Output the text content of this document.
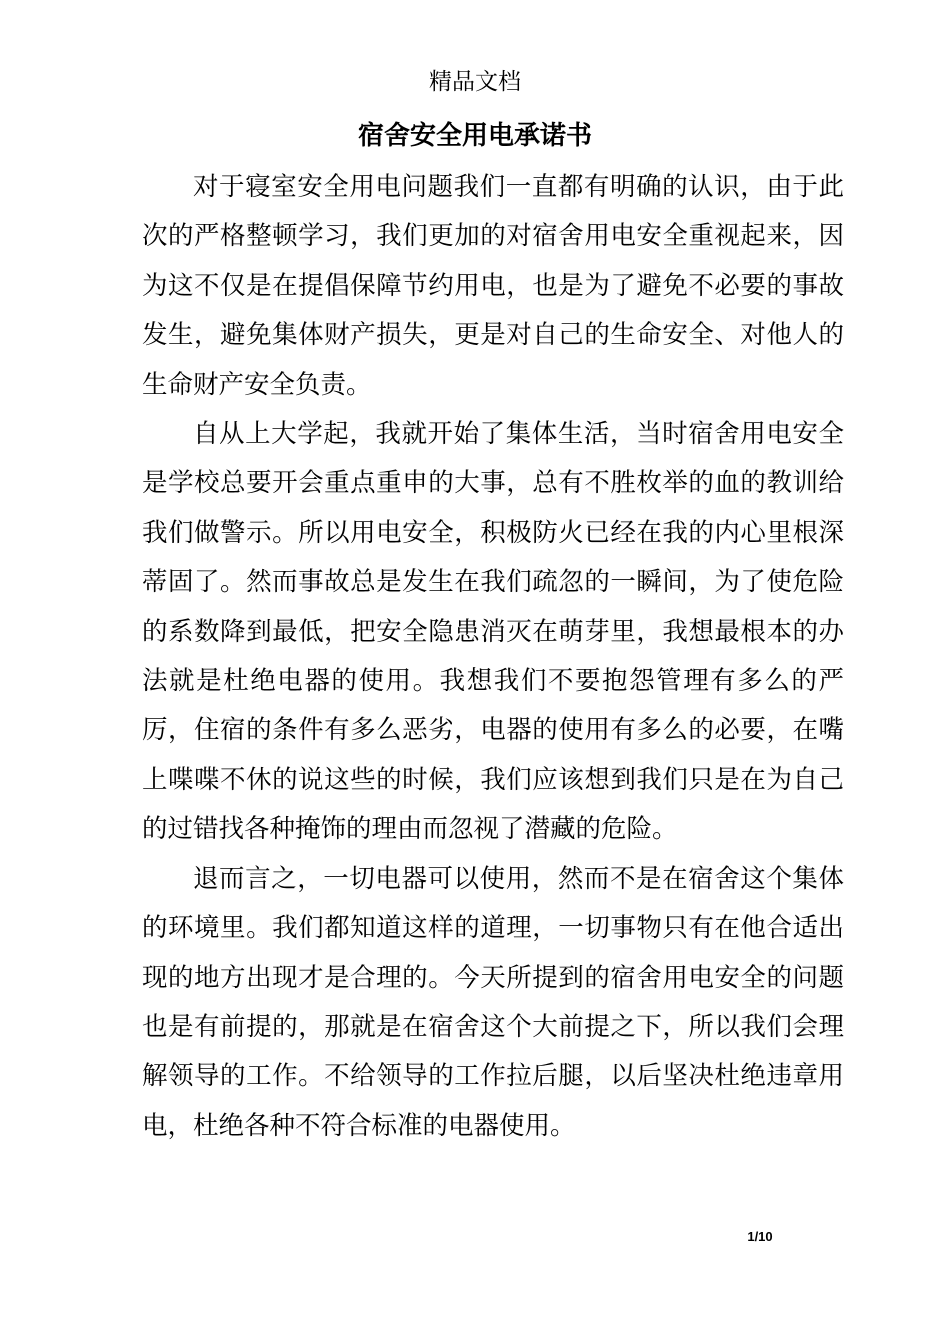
精品文档
宿舍安全用电承诺书

对于寝室安全用电问题我们一直都有明确的认识，由于此次的严格整顿学习，我们更加的对宿舍用电安全重视起来，因为这不仅是在提倡保障节约用电，也是为了避免不必要的事故发生，避免集体财产损失，更是对自己的生命安全、对他人的生命财产安全负责。

自从上大学起，我就开始了集体生活，当时宿舍用电安全是学校总要开会重点重申的大事，总有不胜枚举的血的教训给我们做警示。所以用电安全，积极防火已经在我的内心里根深蒂固了。然而事故总是发生在我们疏忽的一瞬间，为了使危险的系数降到最低，把安全隐患消灭在萌芽里，我想最根本的办法就是杜绝电器的使用。我想我们不要抱怨管理有多么的严厉，住宿的条件有多么恶劣，电器的使用有多么的必要，在嘴上喋喋不休的说这些的时候，我们应该想到我们只是在为自己的过错找各种掩饰的理由而忽视了潜藏的危险。

退而言之，一切电器可以使用，然而不是在宿舍这个集体的环境里。我们都知道这样的道理，一切事物只有在他合适出现的地方出现才是合理的。今天所提到的宿舍用电安全的问题也是有前提的，那就是在宿舍这个大前提之下，所以我们会理解领导的工作。不给领导的工作拉后腿，以后坚决杜绝违章用电，杜绝各种不符合标准的电器使用。

1/10
